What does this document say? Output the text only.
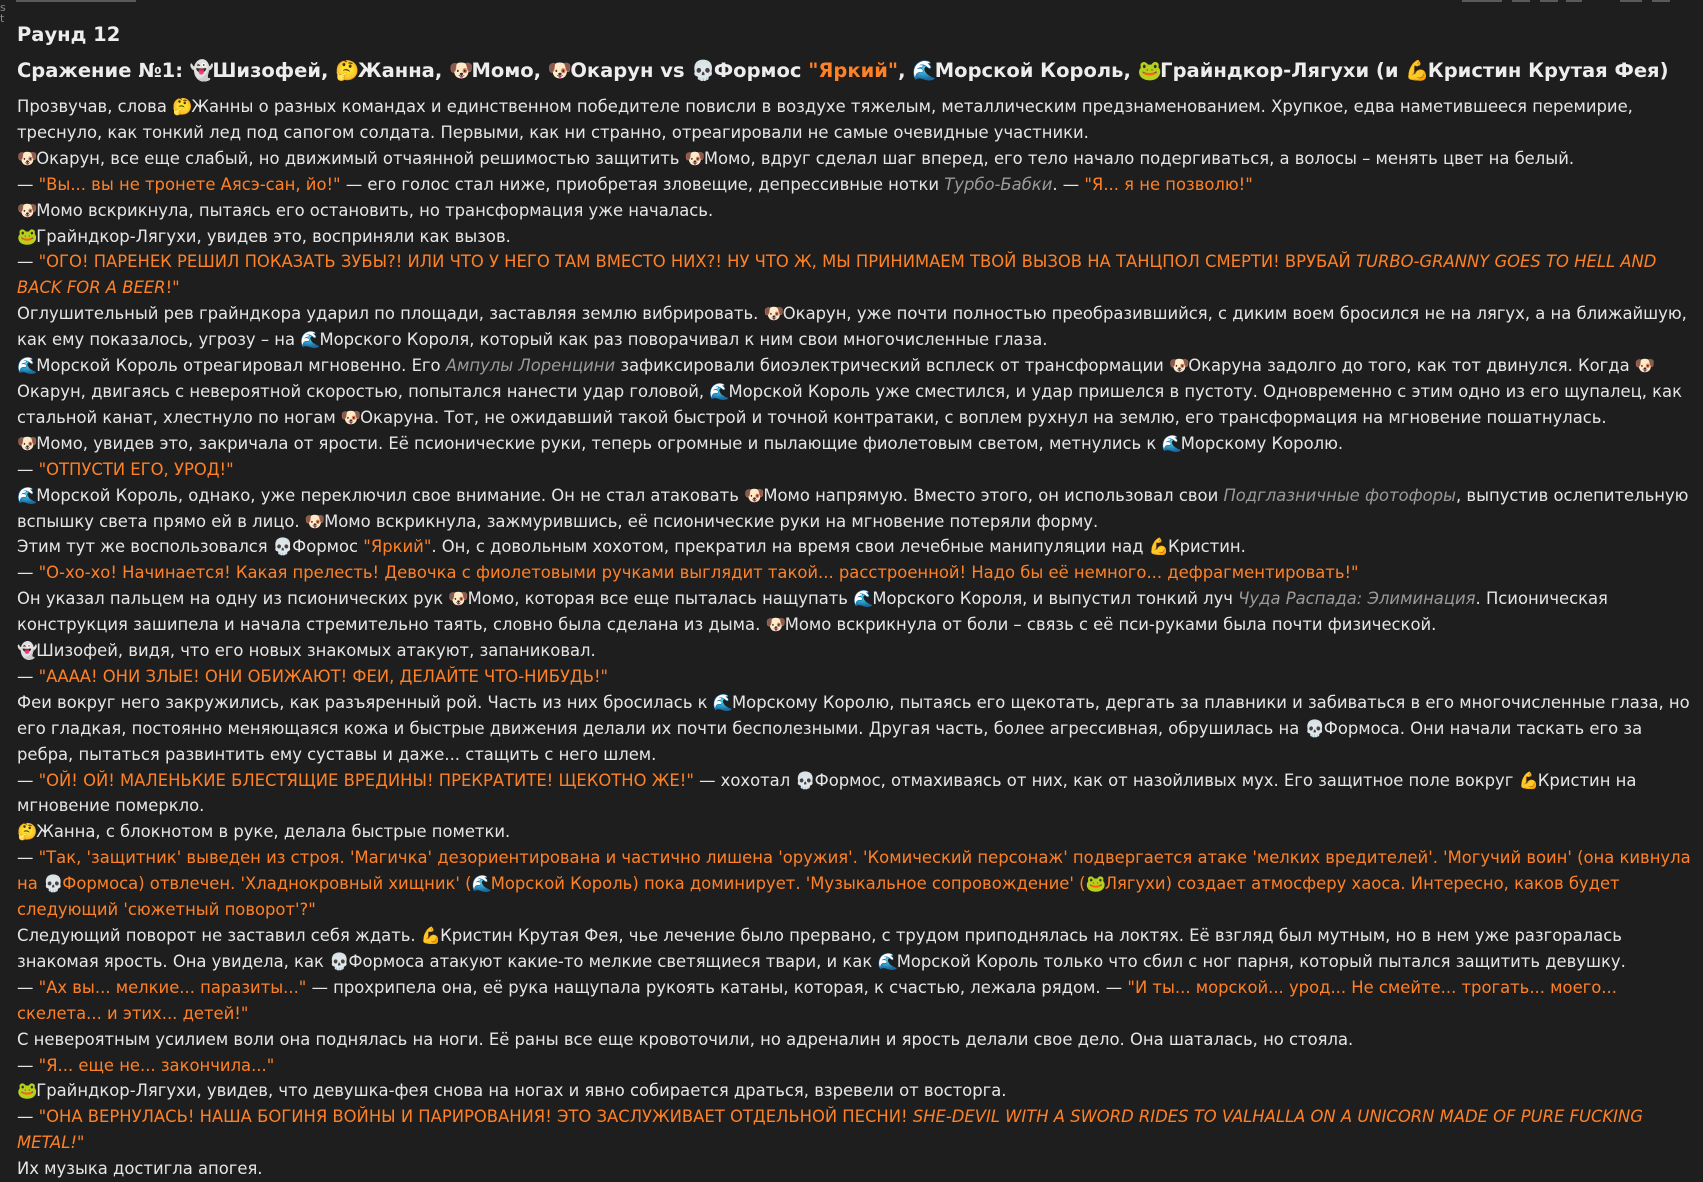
s
t
Раунд 12
Сражение №1: 👻Шизофей, 🤔Жанна, 🐶Момо, 🐶Окарун vs 💀Формос "Яркий", 🌊Морской Король, 🐸Грайндкор-Лягухи (и 💪Кристин Крутая Фея)

Прозвучав, слова 🤔Жанны о разных командах и единственном победителе повисли в воздухе тяжелым, металлическим предзнаменованием. Хрупкое, едва наметившееся перемирие, треснуло, как тонкий лед под сапогом солдата. Первыми, как ни странно, отреагировали не самые очевидные участники.

🐶Окарун, все еще слабый, но движимый отчаянной решимостью защитить 🐶Момо, вдруг сделал шаг вперед, его тело начало подергиваться, а волосы – менять цвет на белый.

— "Вы... вы не тронете Аясэ-сан, йо!" — его голос стал ниже, приобретая зловещие, депрессивные нотки Турбо-Бабки. — "Я... я не позволю!"

🐶Момо вскрикнула, пытаясь его остановить, но трансформация уже началась.

🐸Грайндкор-Лягухи, увидев это, восприняли как вызов.

— "ОГО! ПАРЕНЕК РЕШИЛ ПОКАЗАТЬ ЗУБЫ?! ИЛИ ЧТО У НЕГО ТАМ ВМЕСТО НИХ?! НУ ЧТО Ж, МЫ ПРИНИМАЕМ ТВОЙ ВЫЗОВ НА ТАНЦПОЛ СМЕРТИ! ВРУБАЙ TURBO-GRANNY GOES TO HELL AND BACK FOR A BEER!"

Оглушительный рев грайндкора ударил по площади, заставляя землю вибрировать. 🐶Окарун, уже почти полностью преобразившийся, с диким воем бросился не на лягух, а на ближайшую, как ему показалось, угрозу – на 🌊Морского Короля, который как раз поворачивал к ним свои многочисленные глаза.

🌊Морской Король отреагировал мгновенно. Его Ампулы Лоренцини зафиксировали биоэлектрический всплеск от трансформации 🐶Окаруна задолго до того, как тот двинулся. Когда 🐶Окарун, двигаясь с невероятной скоростью, попытался нанести удар головой, 🌊Морской Король уже сместился, и удар пришелся в пустоту. Одновременно с этим одно из его щупалец, как стальной канат, хлестнуло по ногам 🐶Окаруна. Тот, не ожидавший такой быстрой и точной контратаки, с воплем рухнул на землю, его трансформация на мгновение пошатнулась.

🐶Момо, увидев это, закричала от ярости. Её псионические руки, теперь огромные и пылающие фиолетовым светом, метнулись к 🌊Морскому Королю.

— "ОТПУСТИ ЕГО, УРОД!"

🌊Морской Король, однако, уже переключил свое внимание. Он не стал атаковать 🐶Момо напрямую. Вместо этого, он использовал свои Подглазничные фотофоры, выпустив ослепительную вспышку света прямо ей в лицо. 🐶Момо вскрикнула, зажмурившись, её псионические руки на мгновение потеряли форму.

Этим тут же воспользовался 💀Формос "Яркий". Он, с довольным хохотом, прекратил на время свои лечебные манипуляции над 💪Кристин.

— "О-хо-хо! Начинается! Какая прелесть! Девочка с фиолетовыми ручками выглядит такой... расстроенной! Надо бы её немного... дефрагментировать!"

Он указал пальцем на одну из псионических рук 🐶Момо, которая все еще пыталась нащупать 🌊Морского Короля, и выпустил тонкий луч Чуда Распада: Элиминация. Псионическая конструкция зашипела и начала стремительно таять, словно была сделана из дыма. 🐶Момо вскрикнула от боли – связь с её пси-руками была почти физической.

👻Шизофей, видя, что его новых знакомых атакуют, запаниковал.

— "АААА! ОНИ ЗЛЫЕ! ОНИ ОБИЖАЮТ! ФЕИ, ДЕЛАЙТЕ ЧТО-НИБУДЬ!"

Феи вокруг него закружились, как разъяренный рой. Часть из них бросилась к 🌊Морскому Королю, пытаясь его щекотать, дергать за плавники и забиваться в его многочисленные глаза, но его гладкая, постоянно меняющаяся кожа и быстрые движения делали их почти бесполезными. Другая часть, более агрессивная, обрушилась на 💀Формоса. Они начали таскать его за ребра, пытаться развинтить ему суставы и даже... стащить с него шлем.

— "ОЙ! ОЙ! МАЛЕНЬКИЕ БЛЕСТЯЩИЕ ВРЕДИНЫ! ПРЕКРАТИТЕ! ЩЕКОТНО ЖЕ!" — хохотал 💀Формос, отмахиваясь от них, как от назойливых мух. Его защитное поле вокруг 💪Кристин на мгновение померкло.

🤔Жанна, с блокнотом в руке, делала быстрые пометки.

— "Так, 'защитник' выведен из строя. 'Магичка' дезориентирована и частично лишена 'оружия'. 'Комический персонаж' подвергается атаке 'мелких вредителей'. 'Могучий воин' (она кивнула на 💀Формоса) отвлечен. 'Хладнокровный хищник' (🌊Морской Король) пока доминирует. 'Музыкальное сопровождение' (🐸Лягухи) создает атмосферу хаоса. Интересно, каков будет следующий 'сюжетный поворот'?"

Следующий поворот не заставил себя ждать. 💪Кристин Крутая Фея, чье лечение было прервано, с трудом приподнялась на локтях. Её взгляд был мутным, но в нем уже разгоралась знакомая ярость. Она увидела, как 💀Формоса атакуют какие-то мелкие светящиеся твари, и как 🌊Морской Король только что сбил с ног парня, который пытался защитить девушку.

— "Ах вы... мелкие... паразиты..." — прохрипела она, её рука нащупала рукоять катаны, которая, к счастью, лежала рядом. — "И ты... морской... урод... Не смейте... трогать... моего... скелета... и этих... детей!"

С невероятным усилием воли она поднялась на ноги. Её раны все еще кровоточили, но адреналин и ярость делали свое дело. Она шаталась, но стояла.

— "Я... еще не... закончила..."

🐸Грайндкор-Лягухи, увидев, что девушка-фея снова на ногах и явно собирается драться, взревели от восторга.

— "ОНА ВЕРНУЛАСЬ! НАША БОГИНЯ ВОЙНЫ И ПАРИРОВАНИЯ! ЭТО ЗАСЛУЖИВАЕТ ОТДЕЛЬНОЙ ПЕСНИ! SHE-DEVIL WITH A SWORD RIDES TO VALHALLA ON A UNICORN MADE OF PURE FUCKING METAL!"

Их музыка достигла апогея.
